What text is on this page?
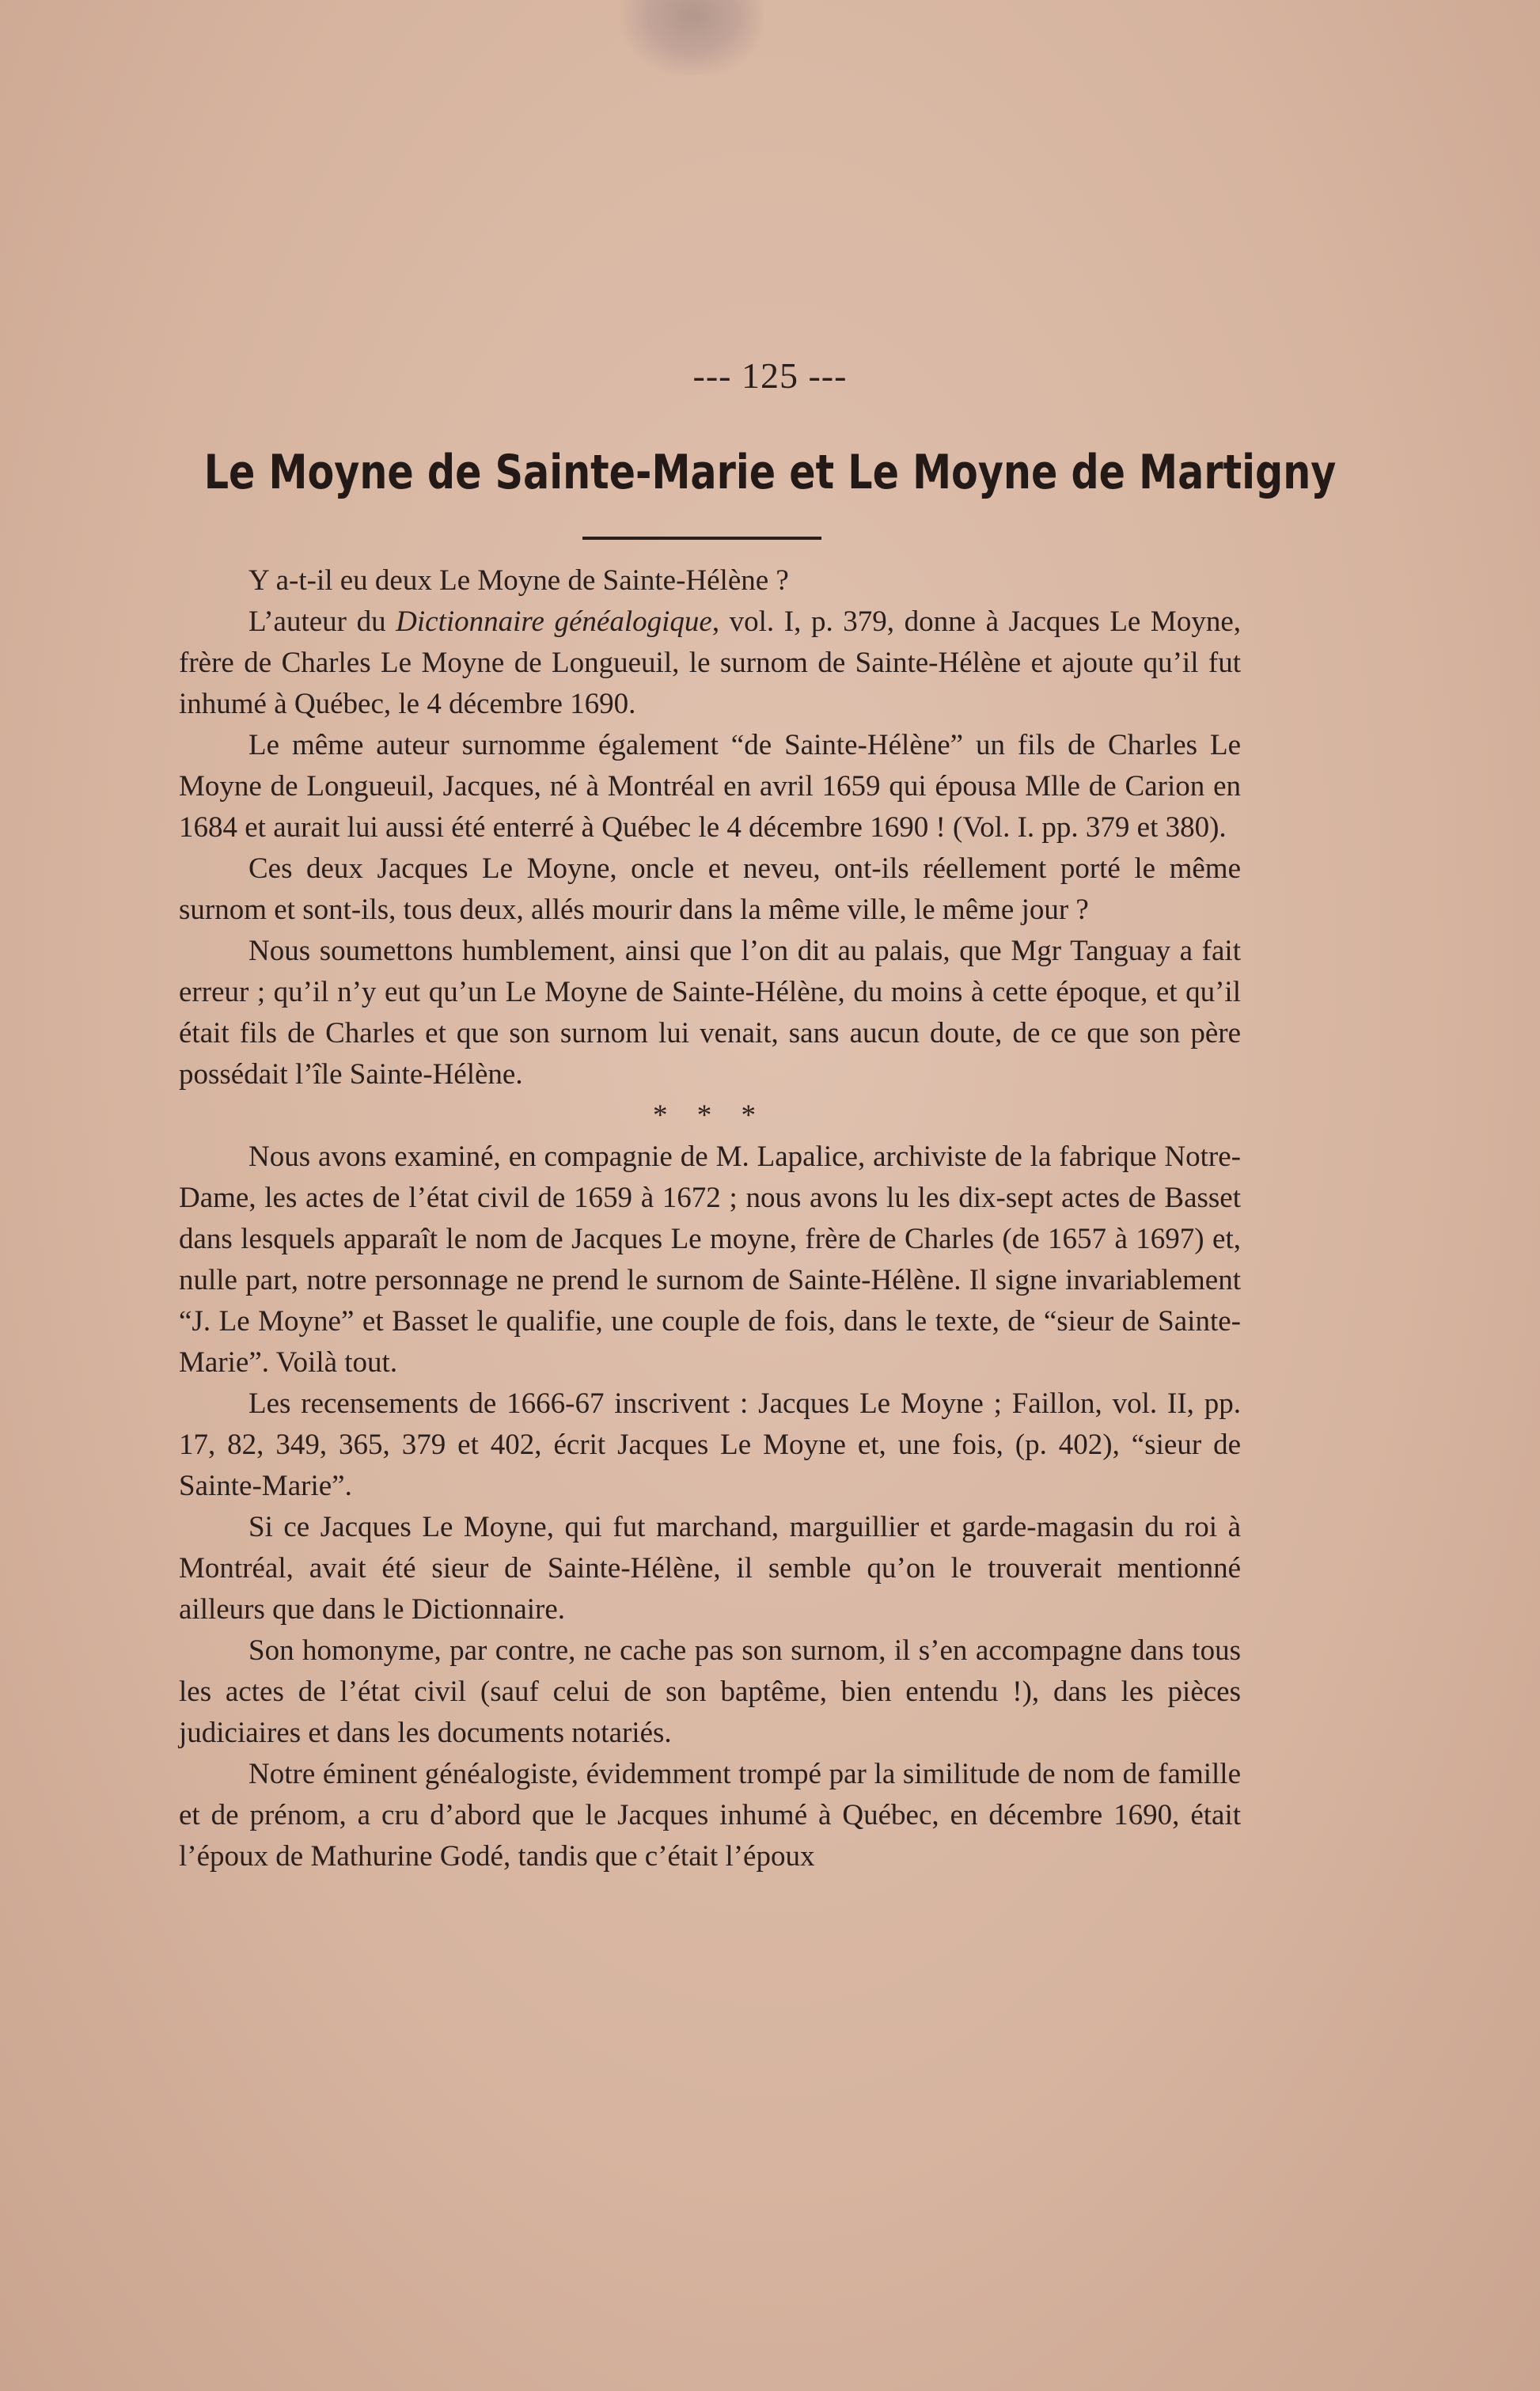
--- 125 ---
Le Moyne de Sainte-Marie et Le Moyne de Martigny

Y a-t-il eu deux Le Moyne de Sainte-Hélène ?

L’auteur du Dictionnaire généalogique, vol. I, p. 379, donne à Jacques Le Moyne, frère de Charles Le Moyne de Longueuil, le surnom de Sainte-Hélène et ajoute qu’il fut inhumé à Québec, le 4 décembre 1690.

Le même auteur surnomme également “de Sainte-Hélène” un fils de Charles Le Moyne de Longueuil, Jacques, né à Montréal en avril 1659 qui épousa Mlle de Carion en 1684 et aurait lui aussi été enterré à Québec le 4 décembre 1690 ! (Vol. I. pp. 379 et 380).

Ces deux Jacques Le Moyne, oncle et neveu, ont-ils réellement porté le même surnom et sont-ils, tous deux, allés mourir dans la même ville, le même jour ?

Nous soumettons humblement, ainsi que l’on dit au palais, que Mgr Tanguay a fait erreur ; qu’il n’y eut qu’un Le Moyne de Sainte-Hélène, du moins à cette époque, et qu’il était fils de Charles et que son surnom lui venait, sans aucun doute, de ce que son père possédait l’île Sainte-Hélène.

* * *

Nous avons examiné, en compagnie de M. Lapalice, archiviste de la fabrique Notre-Dame, les actes de l’état civil de 1659 à 1672 ; nous avons lu les dix-sept actes de Basset dans lesquels apparaît le nom de Jacques Le moyne, frère de Charles (de 1657 à 1697) et, nulle part, notre personnage ne prend le surnom de Sainte-Hélène. Il signe invariablement “J. Le Moyne” et Basset le qualifie, une couple de fois, dans le texte, de “sieur de Sainte-Marie”. Voilà tout.

Les recensements de 1666-67 inscrivent : Jacques Le Moyne ; Faillon, vol. II, pp. 17, 82, 349, 365, 379 et 402, écrit Jacques Le Moyne et, une fois, (p. 402), “sieur de Sainte-Marie”.

Si ce Jacques Le Moyne, qui fut marchand, marguillier et garde-magasin du roi à Montréal, avait été sieur de Sainte-Hélène, il semble qu’on le trouverait mentionné ailleurs que dans le Dictionnaire.

Son homonyme, par contre, ne cache pas son surnom, il s’en accompagne dans tous les actes de l’état civil (sauf celui de son baptême, bien entendu !), dans les pièces judiciaires et dans les documents notariés.

Notre éminent généalogiste, évidemment trompé par la similitude de nom de famille et de prénom, a cru d’abord que le Jacques inhumé à Québec, en décembre 1690, était l’époux de Mathurine Godé, tandis que c’était l’époux
